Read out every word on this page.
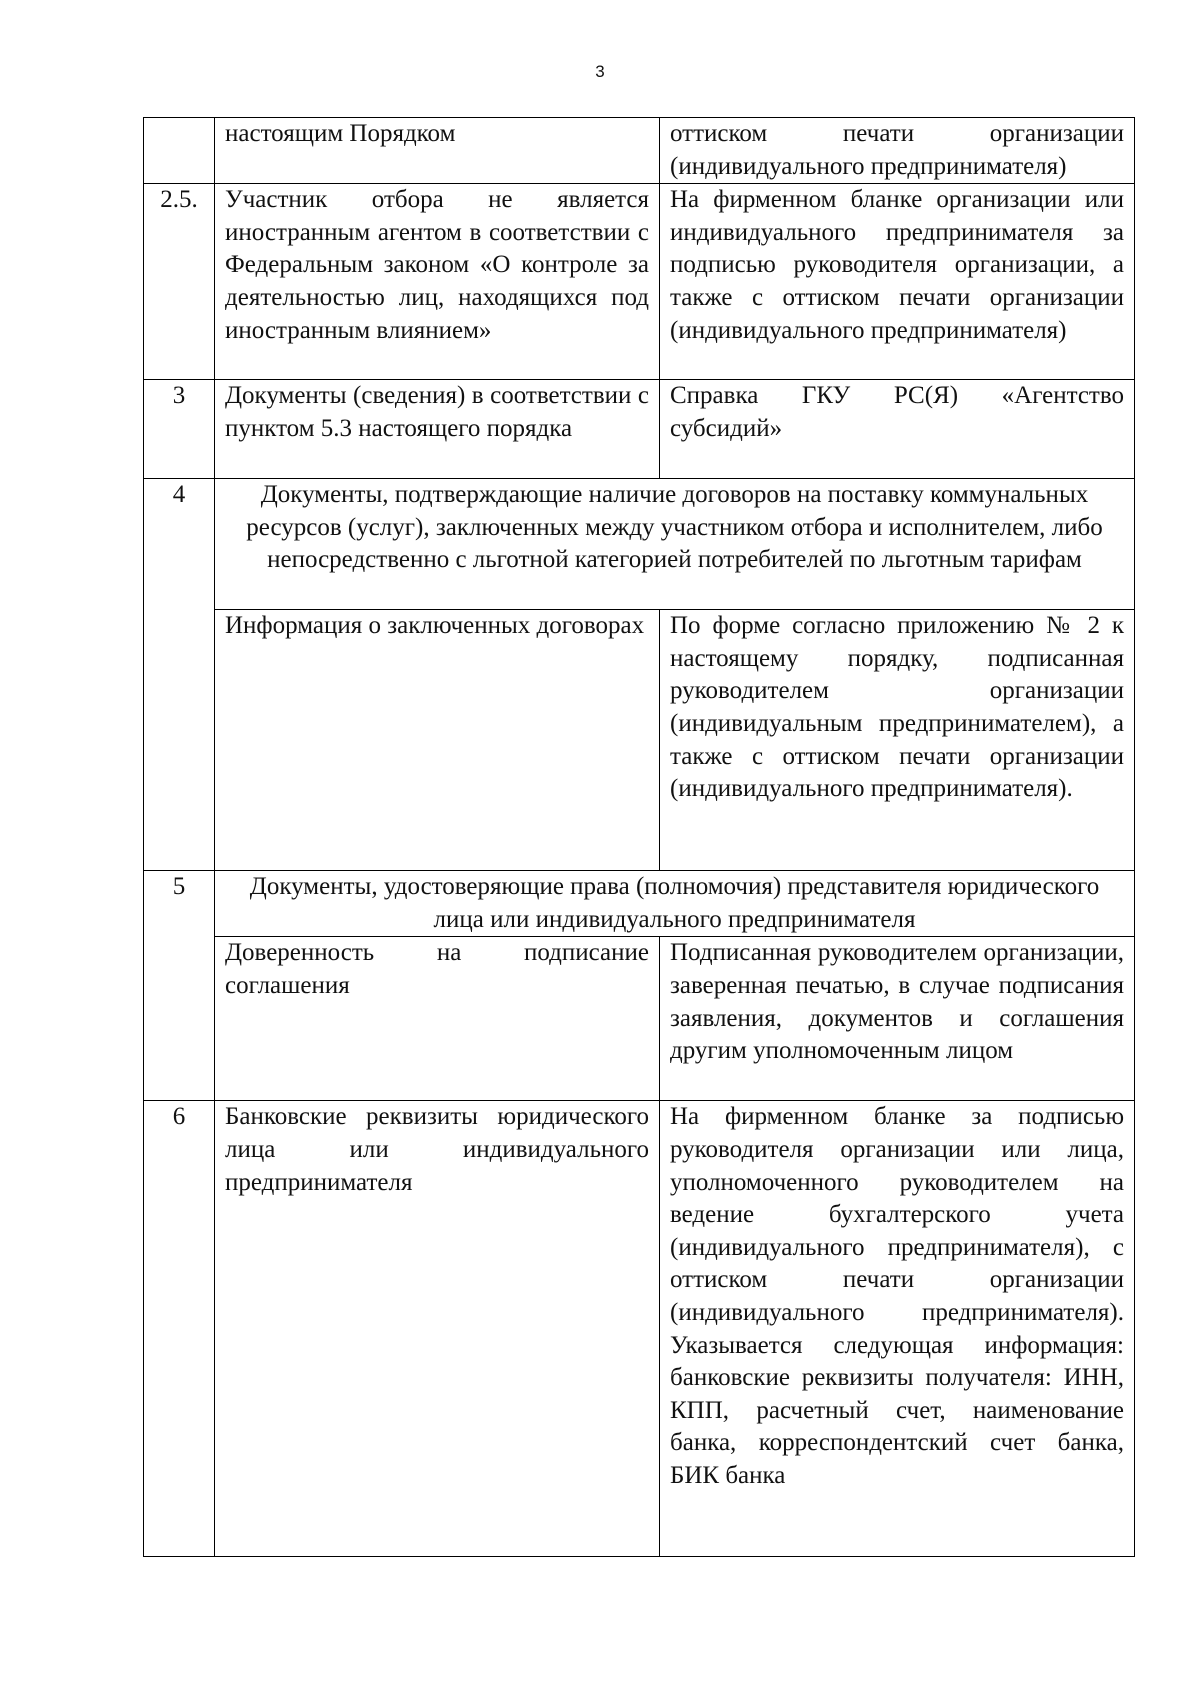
3

	настоящим Порядком	оттиском печати организации (индивидуального предпринимателя)

2.5.	Участник отбора не является иностранным агентом в соответствии с Федеральным законом «О контроле за деятельностью лиц, находящихся под иностранным влиянием»	На фирменном бланке организации или индивидуального предпринимателя за подписью руководителя организации, а также с оттиском печати организации (индивидуального предпринимателя)

3	Документы (сведения) в соответствии с пунктом 5.3 настоящего порядка	Справка ГКУ РС(Я) «Агентство субсидий»

4	Документы, подтверждающие наличие договоров на поставку коммунальных ресурсов (услуг), заключенных между участником отбора и исполнителем, либо непосредственно с льготной категорией потребителей по льготным тарифам	

	Информация о заключенных договорах	По форме согласно приложению № 2 к настоящему порядку, подписанная руководителем организации (индивидуальным предпринимателем), а также с оттиском печати организации (индивидуального предпринимателя).

5	Документы, удостоверяющие права (полномочия) представителя юридического лица или индивидуального предпринимателя	

	Доверенность на подписание соглашения	Подписанная руководителем организации, заверенная печатью, в случае подписания заявления, документов и соглашения другим уполномоченным лицом

6	Банковские реквизиты юридического лица или индивидуального предпринимателя	На фирменном бланке за подписью руководителя организации или лица, уполномоченного руководителем на ведение бухгалтерского учета (индивидуального предпринимателя), с оттиском печати организации (индивидуального предпринимателя). Указывается следующая информация: банковские реквизиты получателя: ИНН, КПП, расчетный счет, наименование банка, корреспондентский счет банка, БИК банка
